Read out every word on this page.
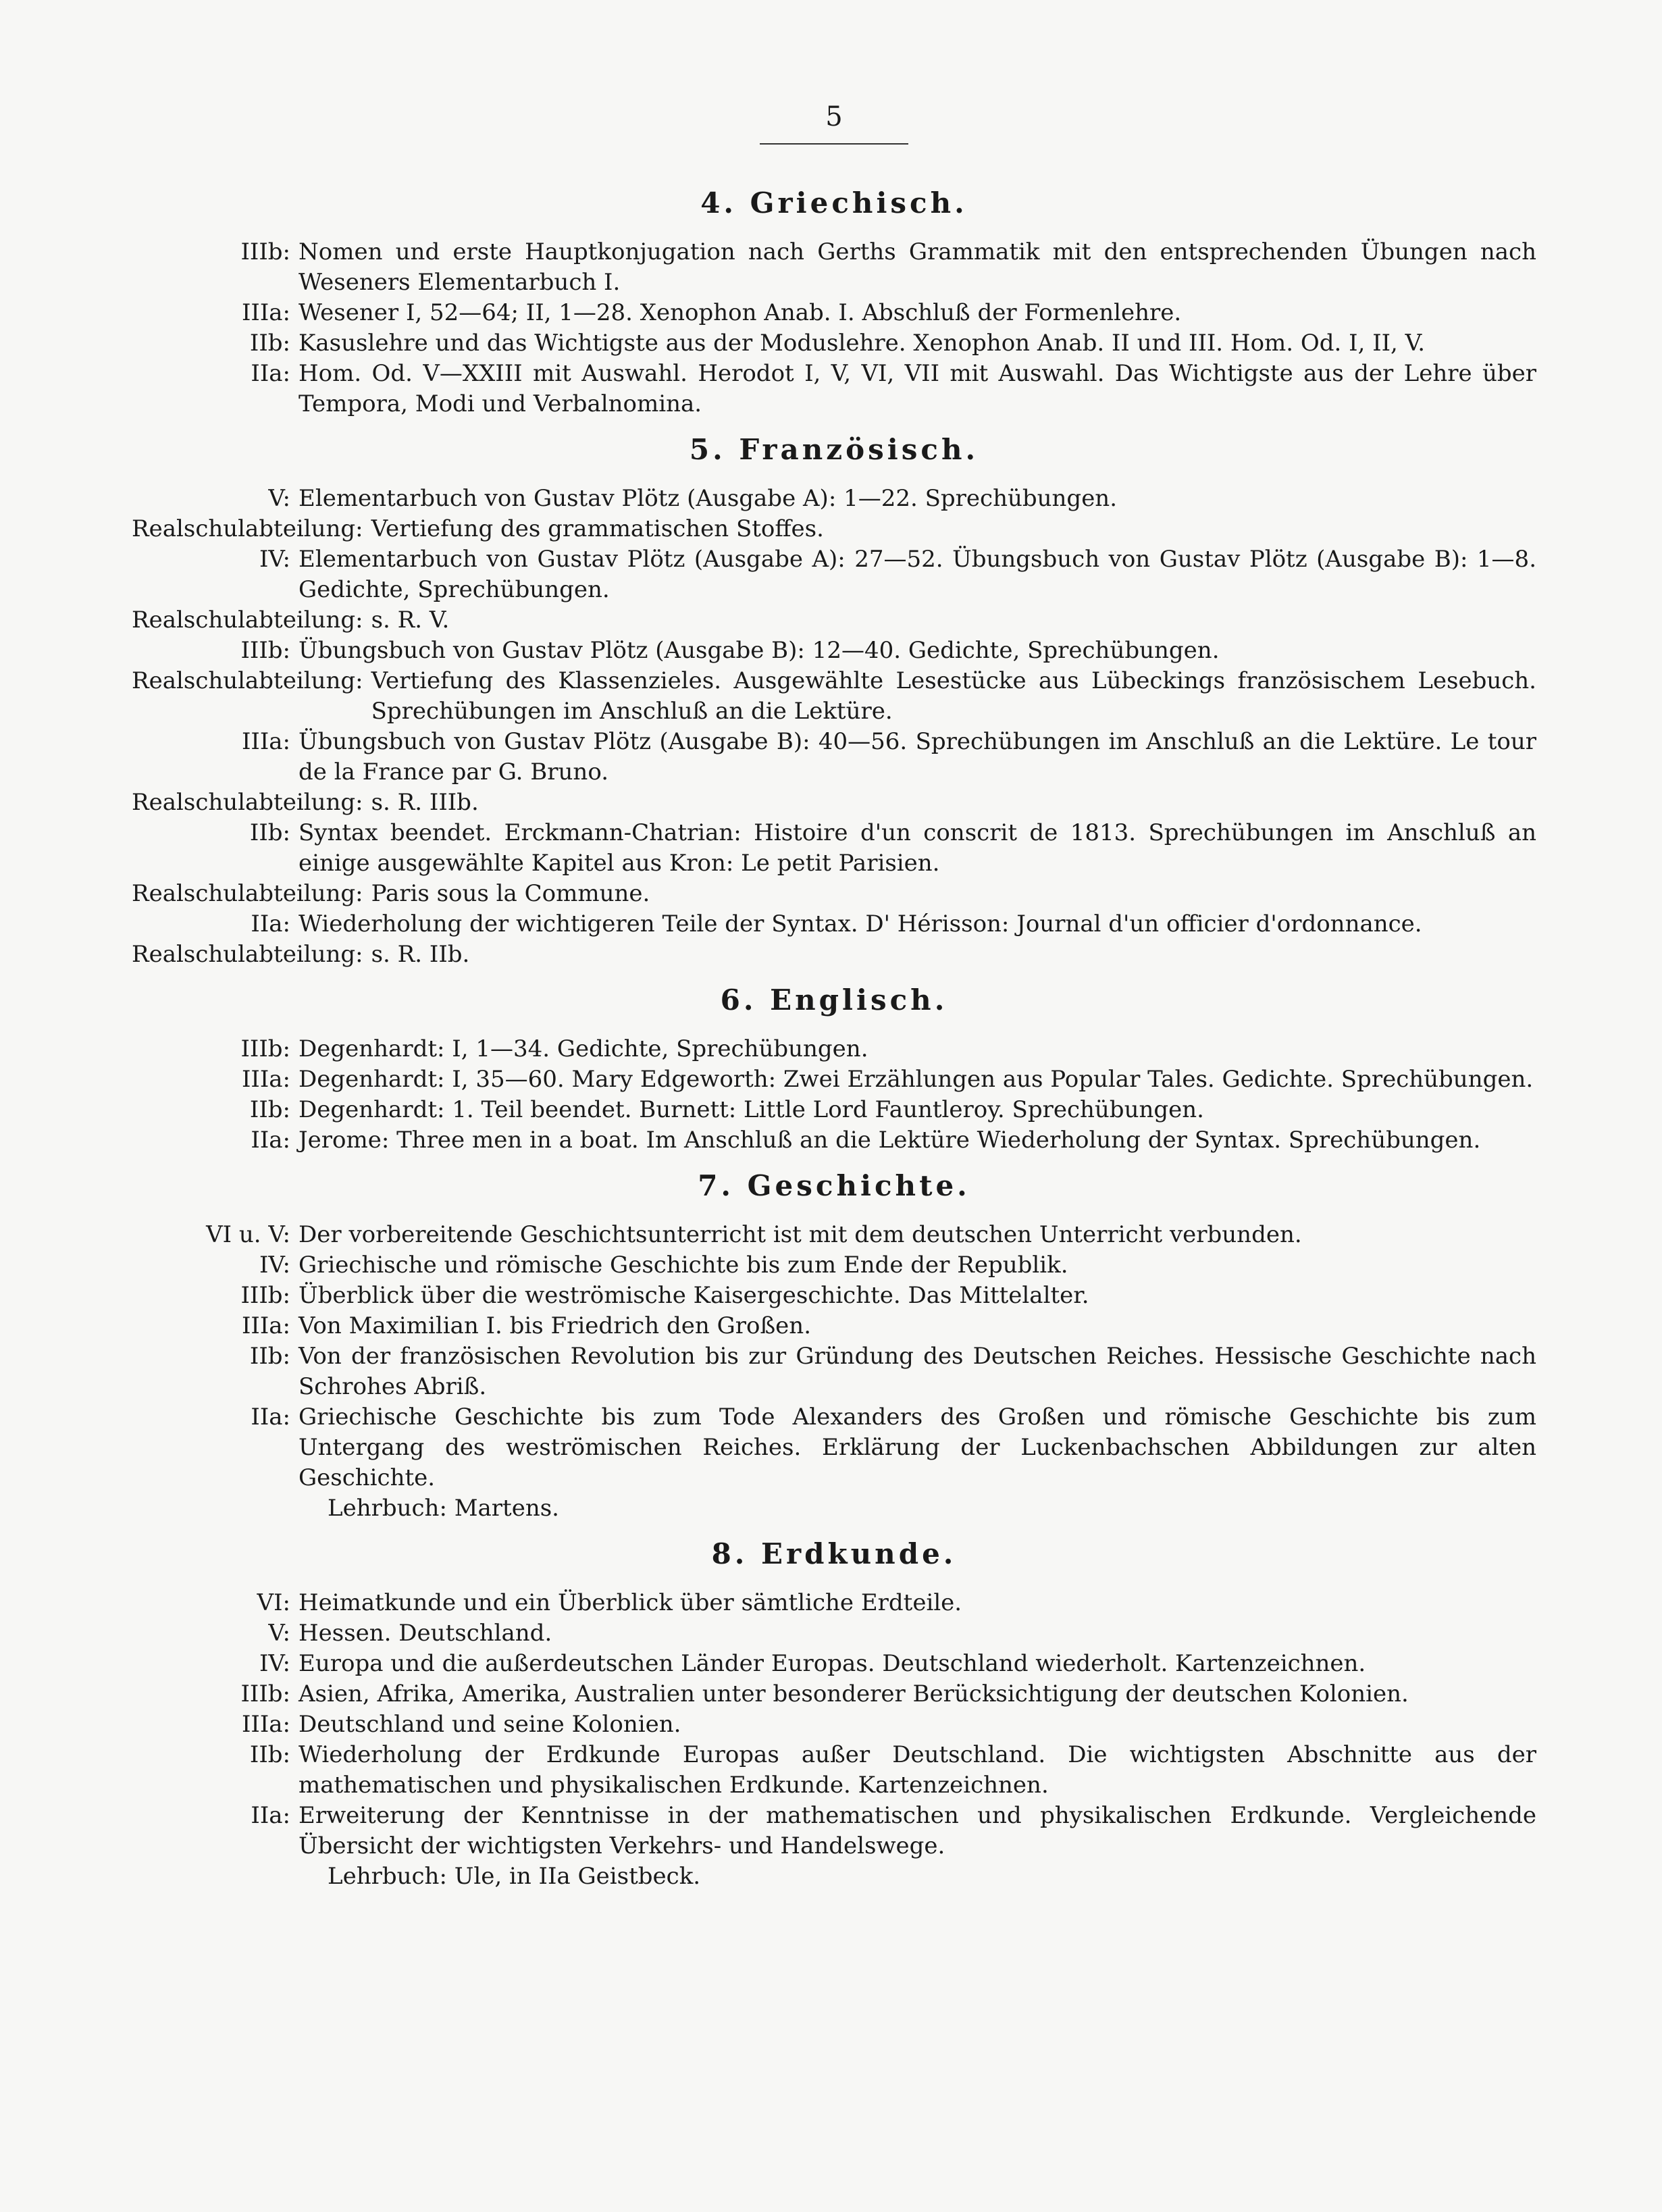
5
4. Griechisch.
IIIb: Nomen und erste Hauptkonjugation nach Gerths Grammatik mit den entsprechenden Übungen nach Weseners Elementarbuch I.
IIIa: Wesener I, 52—64; II, 1—28. Xenophon Anab. I. Abschluß der Formenlehre.
IIb: Kasuslehre und das Wichtigste aus der Moduslehre. Xenophon Anab. II und III. Hom. Od. I, II, V.
IIa: Hom. Od. V—XXIII mit Auswahl. Herodot I, V, VI, VII mit Auswahl. Das Wichtigste aus der Lehre über Tempora, Modi und Verbalnomina.
5. Französisch.
V: Elementarbuch von Gustav Plötz (Ausgabe A): 1—22. Sprechübungen.
Realschulabteilung: Vertiefung des grammatischen Stoffes.
IV: Elementarbuch von Gustav Plötz (Ausgabe A): 27—52. Übungsbuch von Gustav Plötz (Ausgabe B): 1—8. Gedichte, Sprechübungen.
Realschulabteilung: s. R. V.
IIIb: Übungsbuch von Gustav Plötz (Ausgabe B): 12—40. Gedichte, Sprechübungen.
Realschulabteilung: Vertiefung des Klassenzieles. Ausgewählte Lesestücke aus Lübeckings französischem Lesebuch. Sprechübungen im Anschluß an die Lektüre.
IIIa: Übungsbuch von Gustav Plötz (Ausgabe B): 40—56. Sprechübungen im Anschluß an die Lektüre. Le tour de la France par G. Bruno.
Realschulabteilung: s. R. IIIb.
IIb: Syntax beendet. Erckmann-Chatrian: Histoire d'un conscrit de 1813. Sprechübungen im Anschluß an einige ausgewählte Kapitel aus Kron: Le petit Parisien.
Realschulabteilung: Paris sous la Commune.
IIa: Wiederholung der wichtigeren Teile der Syntax. D' Hérisson: Journal d'un officier d'ordonnance.
Realschulabteilung: s. R. IIb.
6. Englisch.
IIIb: Degenhardt: I, 1—34. Gedichte, Sprechübungen.
IIIa: Degenhardt: I, 35—60. Mary Edgeworth: Zwei Erzählungen aus Popular Tales. Gedichte. Sprechübungen.
IIb: Degenhardt: 1. Teil beendet. Burnett: Little Lord Fauntleroy. Sprechübungen.
IIa: Jerome: Three men in a boat. Im Anschluß an die Lektüre Wiederholung der Syntax. Sprechübungen.
7. Geschichte.
VI u. V: Der vorbereitende Geschichtsunterricht ist mit dem deutschen Unterricht verbunden.
IV: Griechische und römische Geschichte bis zum Ende der Republik.
IIIb: Überblick über die weströmische Kaisergeschichte. Das Mittelalter.
IIIa: Von Maximilian I. bis Friedrich den Großen.
IIb: Von der französischen Revolution bis zur Gründung des Deutschen Reiches. Hessische Geschichte nach Schrohes Abriß.
IIa: Griechische Geschichte bis zum Tode Alexanders des Großen und römische Geschichte bis zum Untergang des weströmischen Reiches. Erklärung der Luckenbachschen Abbildungen zur alten Geschichte.
Lehrbuch: Martens.
8. Erdkunde.
VI: Heimatkunde und ein Überblick über sämtliche Erdteile.
V: Hessen. Deutschland.
IV: Europa und die außerdeutschen Länder Europas. Deutschland wiederholt. Kartenzeichnen.
IIIb: Asien, Afrika, Amerika, Australien unter besonderer Berücksichtigung der deutschen Kolonien.
IIIa: Deutschland und seine Kolonien.
IIb: Wiederholung der Erdkunde Europas außer Deutschland. Die wichtigsten Abschnitte aus der mathematischen und physikalischen Erdkunde. Kartenzeichnen.
IIa: Erweiterung der Kenntnisse in der mathematischen und physikalischen Erdkunde. Vergleichende Übersicht der wichtigsten Verkehrs- und Handelswege.
Lehrbuch: Ule, in IIa Geistbeck.
